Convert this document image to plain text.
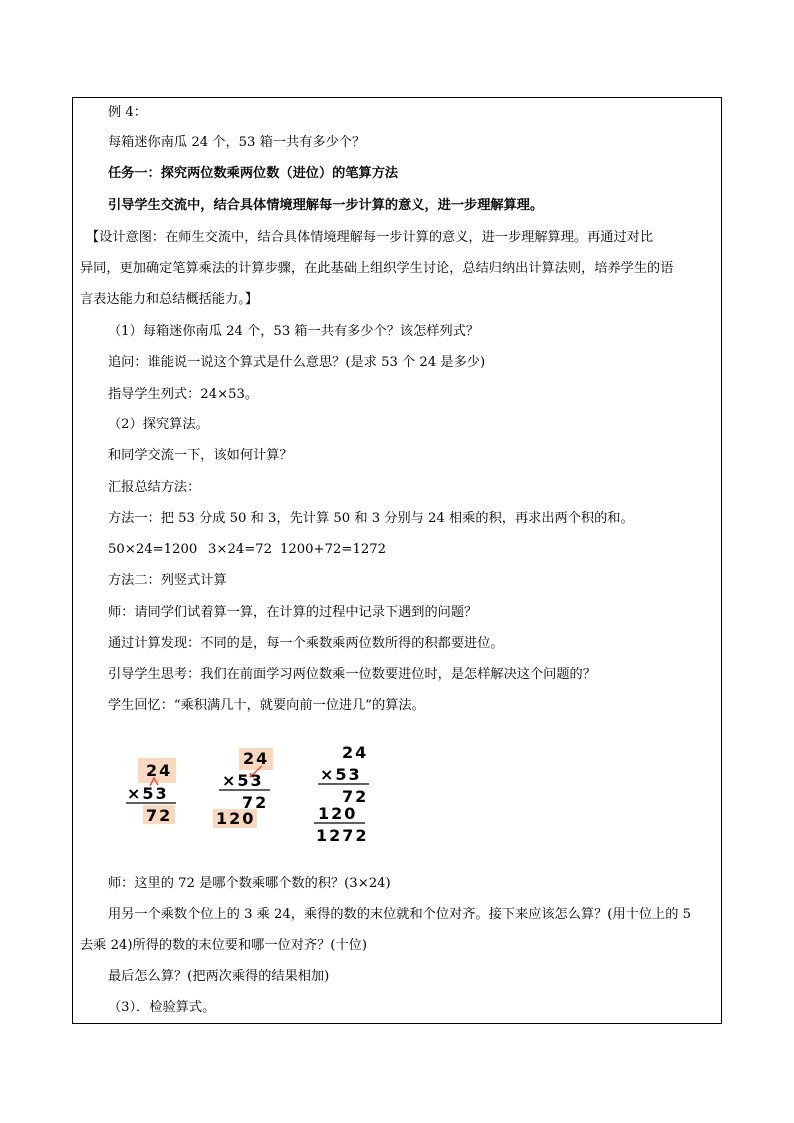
例 4：
每箱迷你南瓜 24 个，53 箱一共有多少个？
任务一：探究两位数乘两位数（进位）的笔算方法
引导学生交流中，结合具体情境理解每一步计算的意义，进一步理解算理。
【设计意图：在师生交流中，结合具体情境理解每一步计算的意义，进一步理解算理。再通过对比
异同，更加确定笔算乘法的计算步骤，在此基础上组织学生讨论，总结归纳出计算法则，培养学生的语
言表达能力和总结概括能力。】
（1）每箱迷你南瓜 24 个，53 箱一共有多少个？该怎样列式？
追问：谁能说一说这个算式是什么意思？(是求 53 个 24 是多少)
指导学生列式：24×53。
（2）探究算法。
和同学交流一下，该如何计算？
汇报总结方法：
方法一：把 53 分成 50 和 3，先计算 50 和 3 分别与 24 相乘的积，再求出两个积的和。
50×24=1200 3×24=72 1200+72=1272
方法二：列竖式计算
师：请同学们试着算一算，在计算的过程中记录下遇到的问题？
通过计算发现：不同的是，每一个乘数乘两位数所得的积都要进位。
引导学生思考：我们在前面学习两位数乘一位数要进位时，是怎样解决这个问题的？
学生回忆：“乘积满几十，就要向前一位进几”的算法。
24
×53
72
24
×53
72
120
24
×53
72
120
1272
师：这里的 72 是哪个数乘哪个数的积？(3×24)
用另一个乘数个位上的 3 乘 24，乘得的数的末位就和个位对齐。接下来应该怎么算？(用十位上的 5
去乘 24)所得的数的末位要和哪一位对齐？(十位)
最后怎么算？(把两次乘得的结果相加)
（3）．检验算式。
